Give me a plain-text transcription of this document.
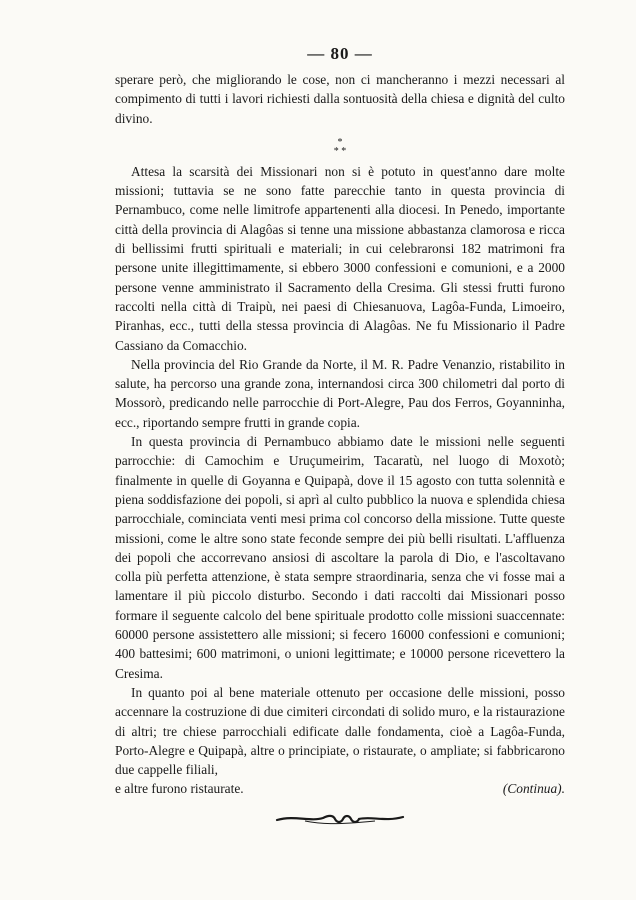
— 80 —

sperare però, che migliorando le cose, non ci mancheranno i mezzi necessari al compimento di tutti i lavori richiesti dalla sontuosità della chiesa e dignità del culto divino.

*
* *

Attesa la scarsità dei Missionari non si è potuto in quest'anno dare molte missioni; tuttavia se ne sono fatte parecchie tanto in questa provincia di Pernambuco, come nelle limitrofe appartenenti alla diocesi. In Penedo, importante città della provincia di Alagôas si tenne una missione abbastanza clamorosa e ricca di bellissimi frutti spirituali e materiali; in cui celebraronsi 182 matrimoni fra persone unite illegittimamente, si ebbero 3000 confessioni e comunioni, e a 2000 persone venne amministrato il Sacramento della Cresima. Gli stessi frutti furono raccolti nella città di Traipù, nei paesi di Chiesanuova, Lagôa-Funda, Limoeiro, Piranhas, ecc., tutti della stessa provincia di Alagôas. Ne fu Missionario il Padre Cassiano da Comacchio.

Nella provincia del Rio Grande da Norte, il M. R. Padre Venanzio, ristabilito in salute, ha percorso una grande zona, internandosi circa 300 chilometri dal porto di Mossorò, predicando nelle parrocchie di Port-Alegre, Pau dos Ferros, Goyanninha, ecc., riportando sempre frutti in grande copia.

In questa provincia di Pernambuco abbiamo date le missioni nelle seguenti parrocchie: di Camochim e Uruçumeirim, Tacaratù, nel luogo di Moxotò; finalmente in quelle di Goyanna e Quipapà, dove il 15 agosto con tutta solennità e piena soddisfazione dei popoli, si aprì al culto pubblico la nuova e splendida chiesa parrocchiale, cominciata venti mesi prima col concorso della missione. Tutte queste missioni, come le altre sono state feconde sempre dei più belli risultati. L'affluenza dei popoli che accorrevano ansiosi di ascoltare la parola di Dio, e l'ascoltavano colla più perfetta attenzione, è stata sempre straordinaria, senza che vi fosse mai a lamentare il più piccolo disturbo. Secondo i dati raccolti dai Missionari posso formare il seguente calcolo del bene spirituale prodotto colle missioni suaccennate: 60000 persone assistettero alle missioni; si fecero 16000 confessioni e comunioni; 400 battesimi; 600 matrimoni, o unioni legittimate; e 10000 persone ricevettero la Cresima.

In quanto poi al bene materiale ottenuto per occasione delle missioni, posso accennare la costruzione di due cimiteri circondati di solido muro, e la ristaurazione di altri; tre chiese parrocchiali edificate dalle fondamenta, cioè a Lagôa-Funda, Porto-Alegre e Quipapà, altre o principiate, o ristaurate, o ampliate; si fabbricarono due cappelle filiali,

e altre furono ristaurate.	(Continua).
